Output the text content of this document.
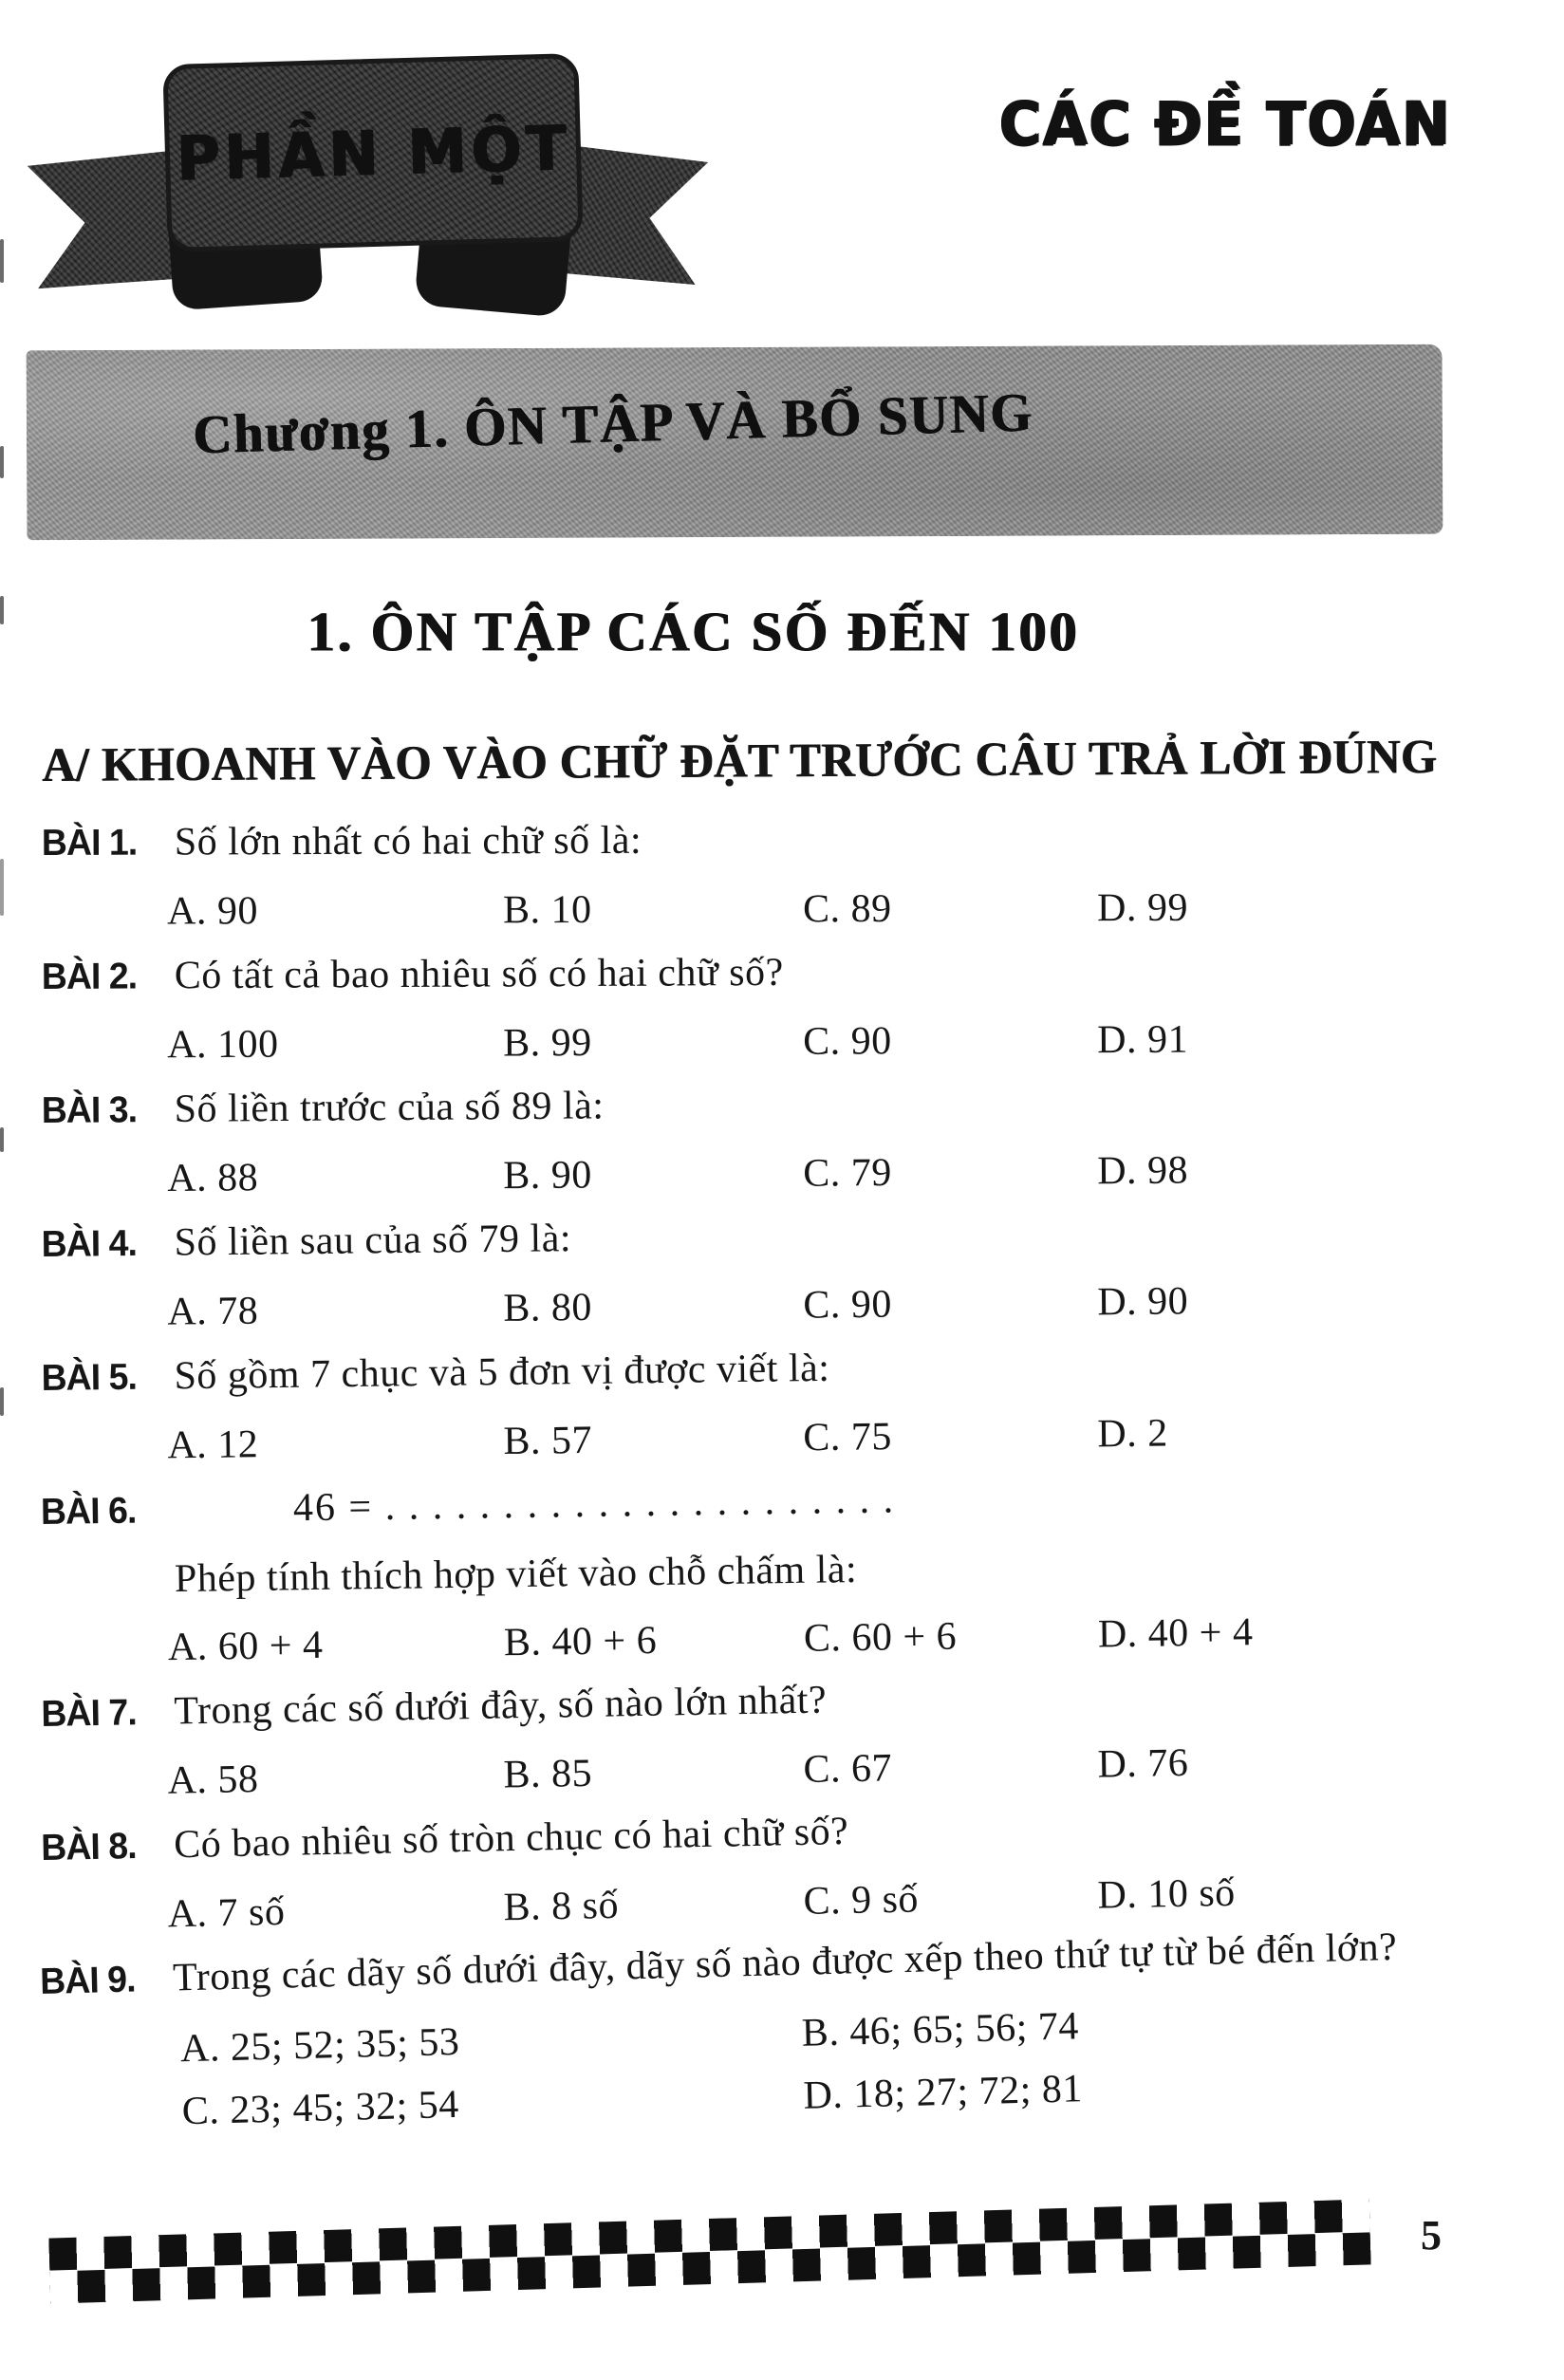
PHẦN MỘT	CÁC ĐỀ TOÁN
Chương 1. ÔN TẬP VÀ BỔ SUNG
1. ÔN TẬP CÁC SỐ ĐẾN 100
A/ KHOANH VÀO VÀO CHỮ ĐẶT TRƯỚC CÂU TRẢ LỜI ĐÚNG
BÀI 1. Số lớn nhất có hai chữ số là:
A. 90	B. 10	C. 89	D. 99
BÀI 2. Có tất cả bao nhiêu số có hai chữ số?
A. 100	B. 99	C. 90	D. 91
BÀI 3. Số liền trước của số 89 là:
A. 88	B. 90	C. 79	D. 98
BÀI 4. Số liền sau của số 79 là:
A. 78	B. 80	C. 90	D. 90
BÀI 5. Số gồm 7 chục và 5 đơn vị được viết là:
A. 12	B. 57	C. 75	D. 2
BÀI 6.	46 = . . . . . . . . . . . . . . . . . . . . . .
Phép tính thích hợp viết vào chỗ chấm là:
A. 60 + 4	B. 40 + 6	C. 60 + 6	D. 40 + 4
BÀI 7. Trong các số dưới đây, số nào lớn nhất?
A. 58	B. 85	C. 67	D. 76
BÀI 8. Có bao nhiêu số tròn chục có hai chữ số?
A. 7 số	B. 8 số	C. 9 số	D. 10 số
BÀI 9. Trong các dãy số dưới đây, dãy số nào được xếp theo thứ tự từ bé đến lớn?
A. 25; 52; 35; 53	B. 46; 65; 56; 74
C. 23; 45; 32; 54	D. 18; 27; 72; 81
5
